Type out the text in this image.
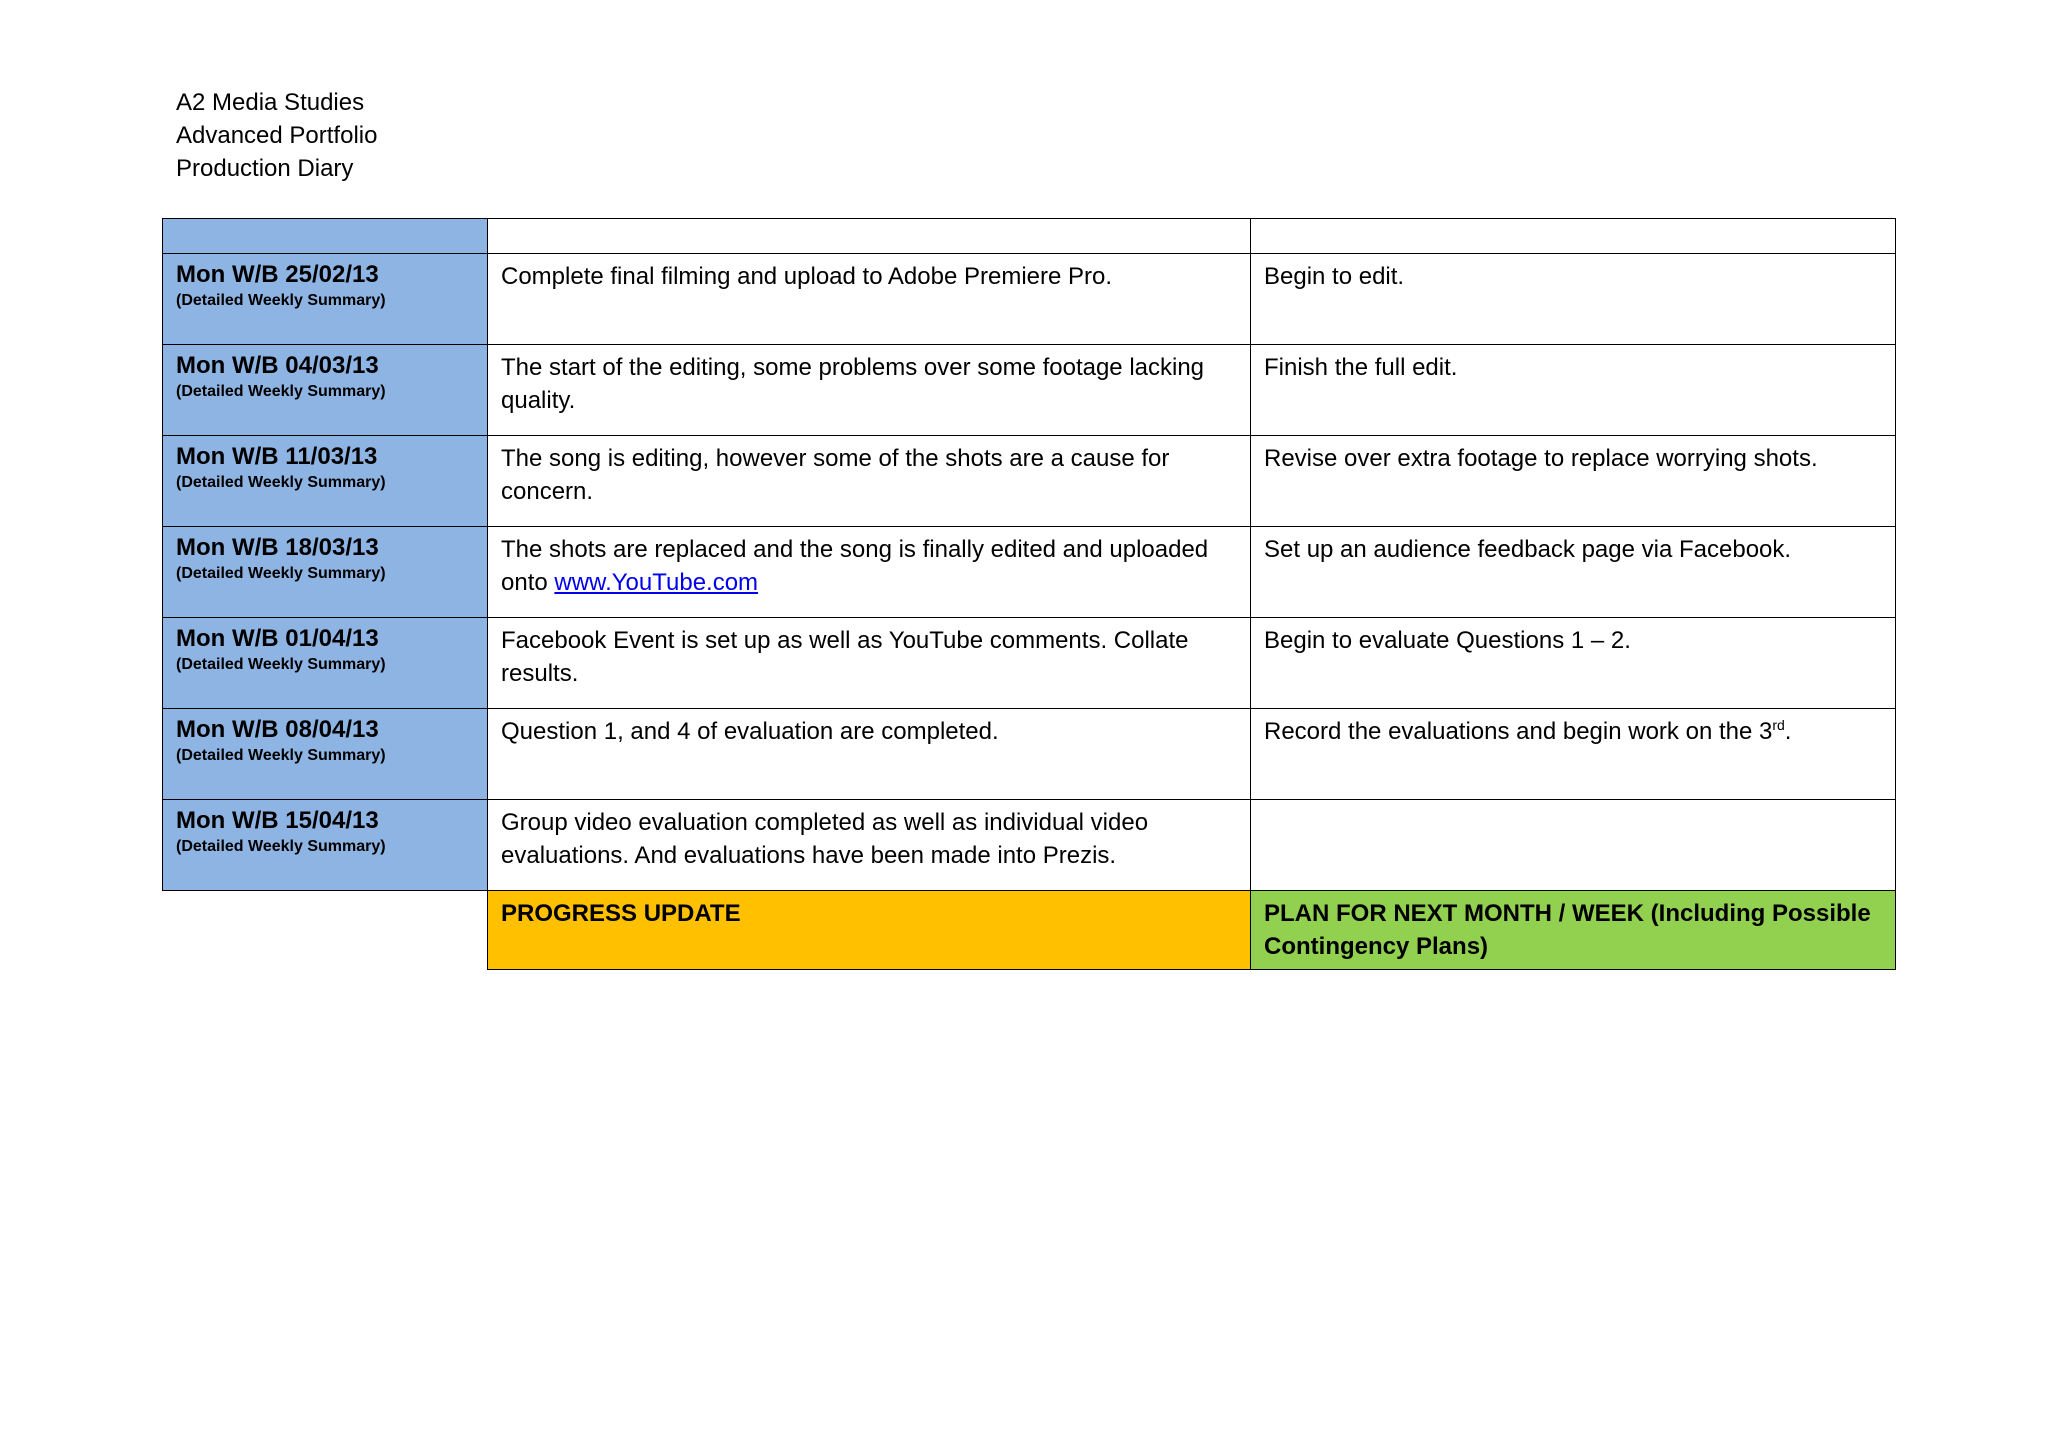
A2 Media Studies
Advanced Portfolio
Production Diary

Mon W/B 25/02/13
(Detailed Weekly Summary)	Complete final filming and upload to Adobe Premiere Pro.	Begin to edit.

Mon W/B 04/03/13
(Detailed Weekly Summary)	The start of the editing, some problems over some footage lacking quality.	Finish the full edit.

Mon W/B 11/03/13
(Detailed Weekly Summary)	The song is editing, however some of the shots are a cause for concern.	Revise over extra footage to replace worrying shots.

Mon W/B 18/03/13
(Detailed Weekly Summary)	The shots are replaced and the song is finally edited and uploaded onto www.YouTube.com	Set up an audience feedback page via Facebook.

Mon W/B 01/04/13
(Detailed Weekly Summary)	Facebook Event is set up as well as YouTube comments. Collate results.	Begin to evaluate Questions 1 – 2.

Mon W/B 08/04/13
(Detailed Weekly Summary)	Question 1, and 4 of evaluation are completed.	Record the evaluations and begin work on the 3rd.

Mon W/B 15/04/13
(Detailed Weekly Summary)	Group video evaluation completed as well as individual video evaluations. And evaluations have been made into Prezis.	
	PROGRESS UPDATE	PLAN FOR NEXT MONTH / WEEK (Including Possible Contingency Plans)
